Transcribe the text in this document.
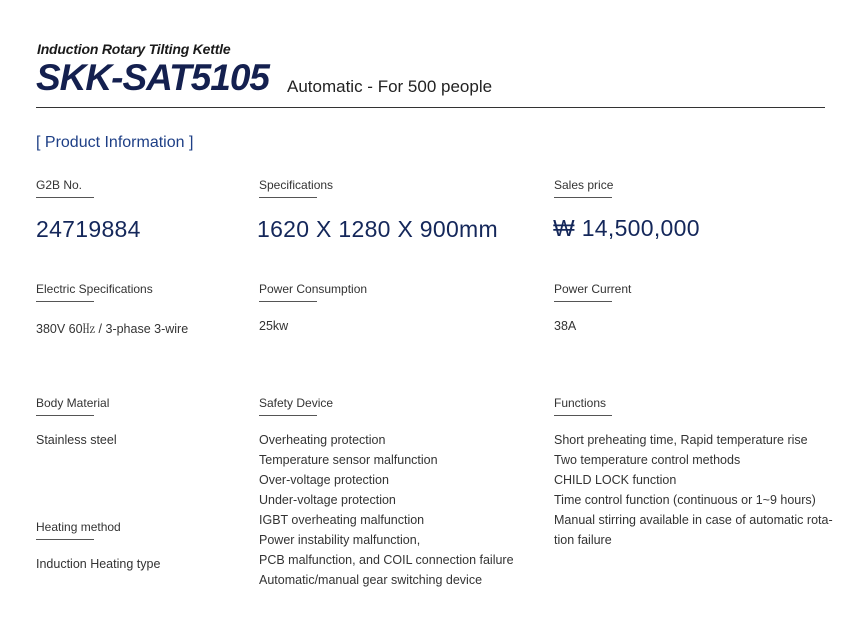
Induction Rotary Tilting Kettle
SKK-SAT5105 Automatic - For 500 people
[ Product Information ]
G2B No.
24719884
Specifications
1620 X 1280 X 900mm
Sales price
₩ 14,500,000
Electric Specifications
380V 60㎐ / 3-phase 3-wire
Power Consumption
25kw
Power Current
38A
Body Material
Stainless steel
Heating method
Induction Heating type
Safety Device
Overheating protection
Temperature sensor malfunction
Over-voltage protection
Under-voltage protection
IGBT overheating malfunction
Power instability malfunction,
PCB malfunction, and COIL connection failure
Automatic/manual gear switching device
Functions
Short preheating time, Rapid temperature rise
Two temperature control methods
CHILD LOCK function
Time control function (continuous or 1~9 hours)
Manual stirring available in case of automatic rota-
tion failure
